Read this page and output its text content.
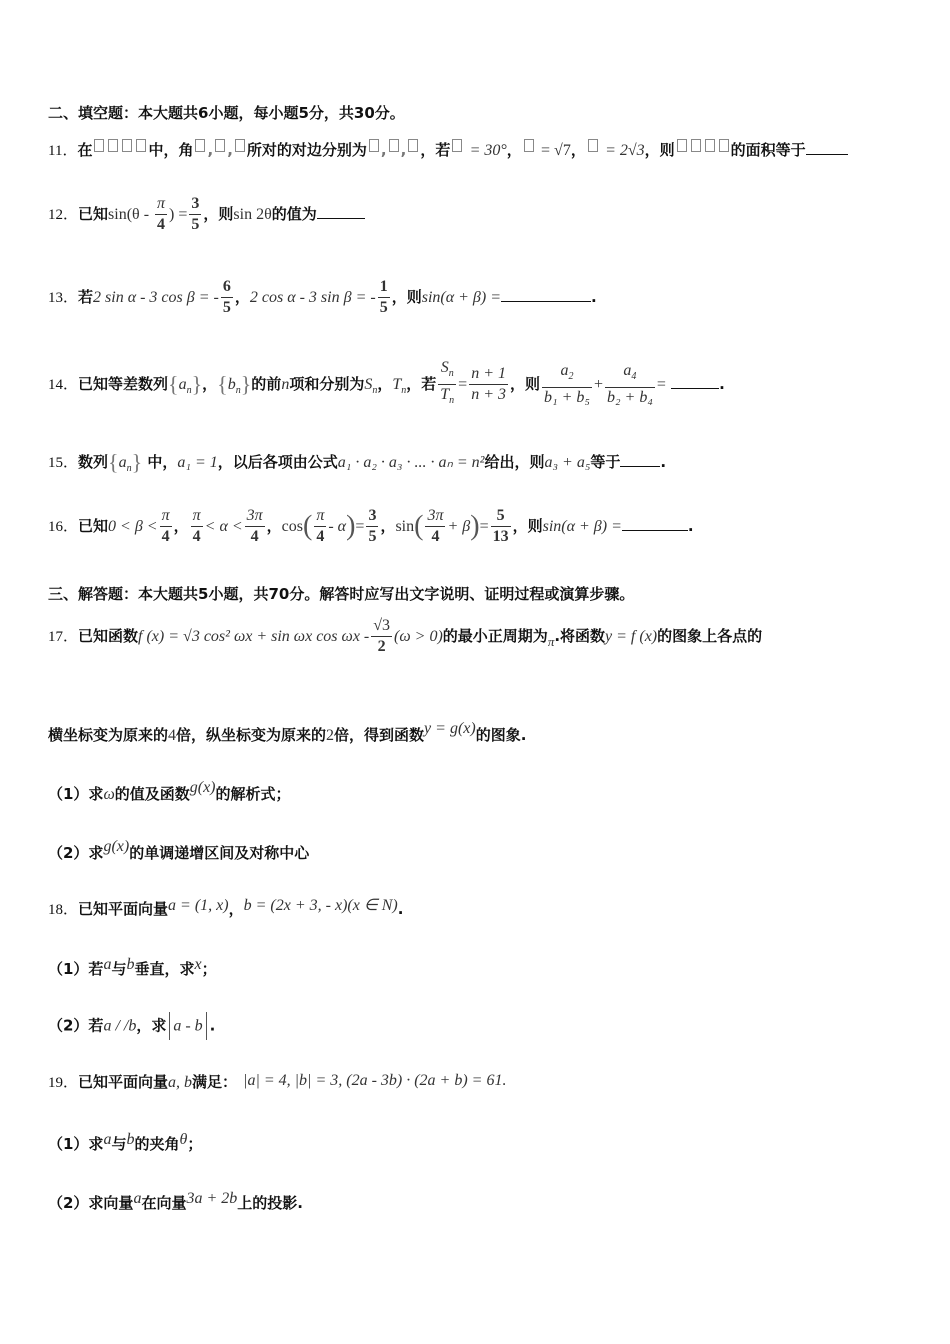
二、填空题：本大题共6小题，每小题5分，共30分。
11．在	中，角 , , 所对的对边分别为 , , ，若 = 30°， = √7， = 2√3，则	的面积等于
12．已知$\sin(\theta - \frac{\pi}{4}$ ) = $\frac{3}{5}$ ，则sin 2θ的值为
13．若2 sin α - 3 cos β = - $\frac{6}{5}$ ，2 cos α - 3 sin β = - $\frac{1}{5}$ ，则sin(α + β) =	.
14．已知等差数列$\{a_n\}$，$\{b_n\}$的前n项和分别为$S_n$，$T_n$，若 $\frac{S_n}{T_n} = \frac{n + 1}{n + 3}$ ，则 $\frac{a_2}{\text{b₁ + b₅}} + \frac{a_4}{\text{b₂ + b₄}}$ =	.
15．数列$\{a_n\}$ 中，a₁ = 1，以后各项由公式a₁ · a₂ · a₃ · ... · aₙ = n²给出，则a₃ + a₅等于	.
16．已知$0 < \beta < \frac{\pi}{4}$ ， $\frac{\pi}{4} < \alpha < \frac{3\pi}{4}$ ，$\cos( \frac{\pi}{4} - \alpha)= \frac{3}{5}$ ，$\sin( \frac{3\pi}{4} + \beta)= \frac{5}{13}$ ，则sin(α + β) =	.
三、解答题：本大题共5小题，共70分。解答时应写出文字说明、证明过程或演算步骤。
17．已知函数f (x) = √3 cos² ωx + sin ωx $\cos \omega x - \frac{√3}{2} (\omega > 0)$的最小正周期为π.将函数y = f (x)的图象上各点的
横坐标变为原来的4倍，纵坐标变为原来的2倍，得到函数y = g(x)的图象.
（1）求ω的值及函数g(x)的解析式；
（2）求g(x)的单调递增区间及对称中心
18．已知平面向量a = (1, x)，b = (2x + 3, - x)(x ∈ N).
（1）若a与b垂直，求x；
（2）若a / /b，求 a - b .
19．已知平面向量a, b满足： |a| = 4, |b| = 3, (2a - 3b) · (2a + b) = 61.
（1）求a与b的夹角θ；
（2）求向量a在向量3a + 2b上的投影.
